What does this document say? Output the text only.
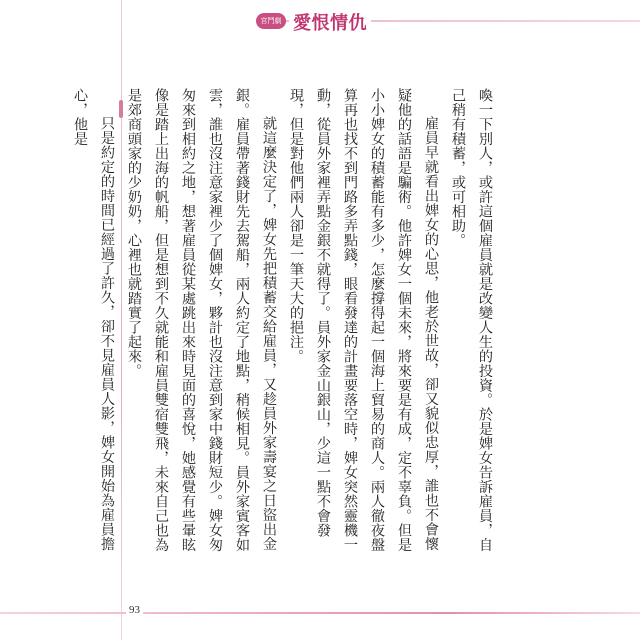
宮鬥劇 愛恨情仇

喚一下別人，或許這個雇員就是改變人生的投資。於是婢女告訴雇員，自己稍有積蓄，或可相助。

雇員早就看出婢女的心思，他老於世故，卻又貌似忠厚，誰也不會懷疑他的話語是騙術。他許婢女一個未來，將來要是有成，定不辜負。但是小小婢女的積蓄能有多少，怎麼撐得起一個海上貿易的商人。兩人徹夜盤算再也找不到門路多弄點錢，眼看發達的計畫要落空時，婢女突然靈機一動，從員外家裡弄點金銀不就得了。員外家金山銀山，少這一點不會發現，但是對他們兩人卻是一筆天大的挹注。

就這麼決定了，婢女先把積蓄交給雇員，又趁員外家壽宴之日盜出金銀。雇員帶著錢財先去駕船，兩人約定了地點，稍候相見。員外家賓客如雲，誰也沒注意家裡少了個婢女，夥計也沒注意到家中錢財短少。婢女匆匆來到相約之地，想著雇員從某處跳出來時見面的喜悅，她感覺有些暈眩像是踏上出海的帆船，但是想到不久就能和雇員雙宿雙飛，未來自己也為是郊商頭家的少奶奶，心裡也就踏實了起來。

只是約定的時間已經過了許久，卻不見雇員人影，婢女開始為雇員擔心，他是

93
